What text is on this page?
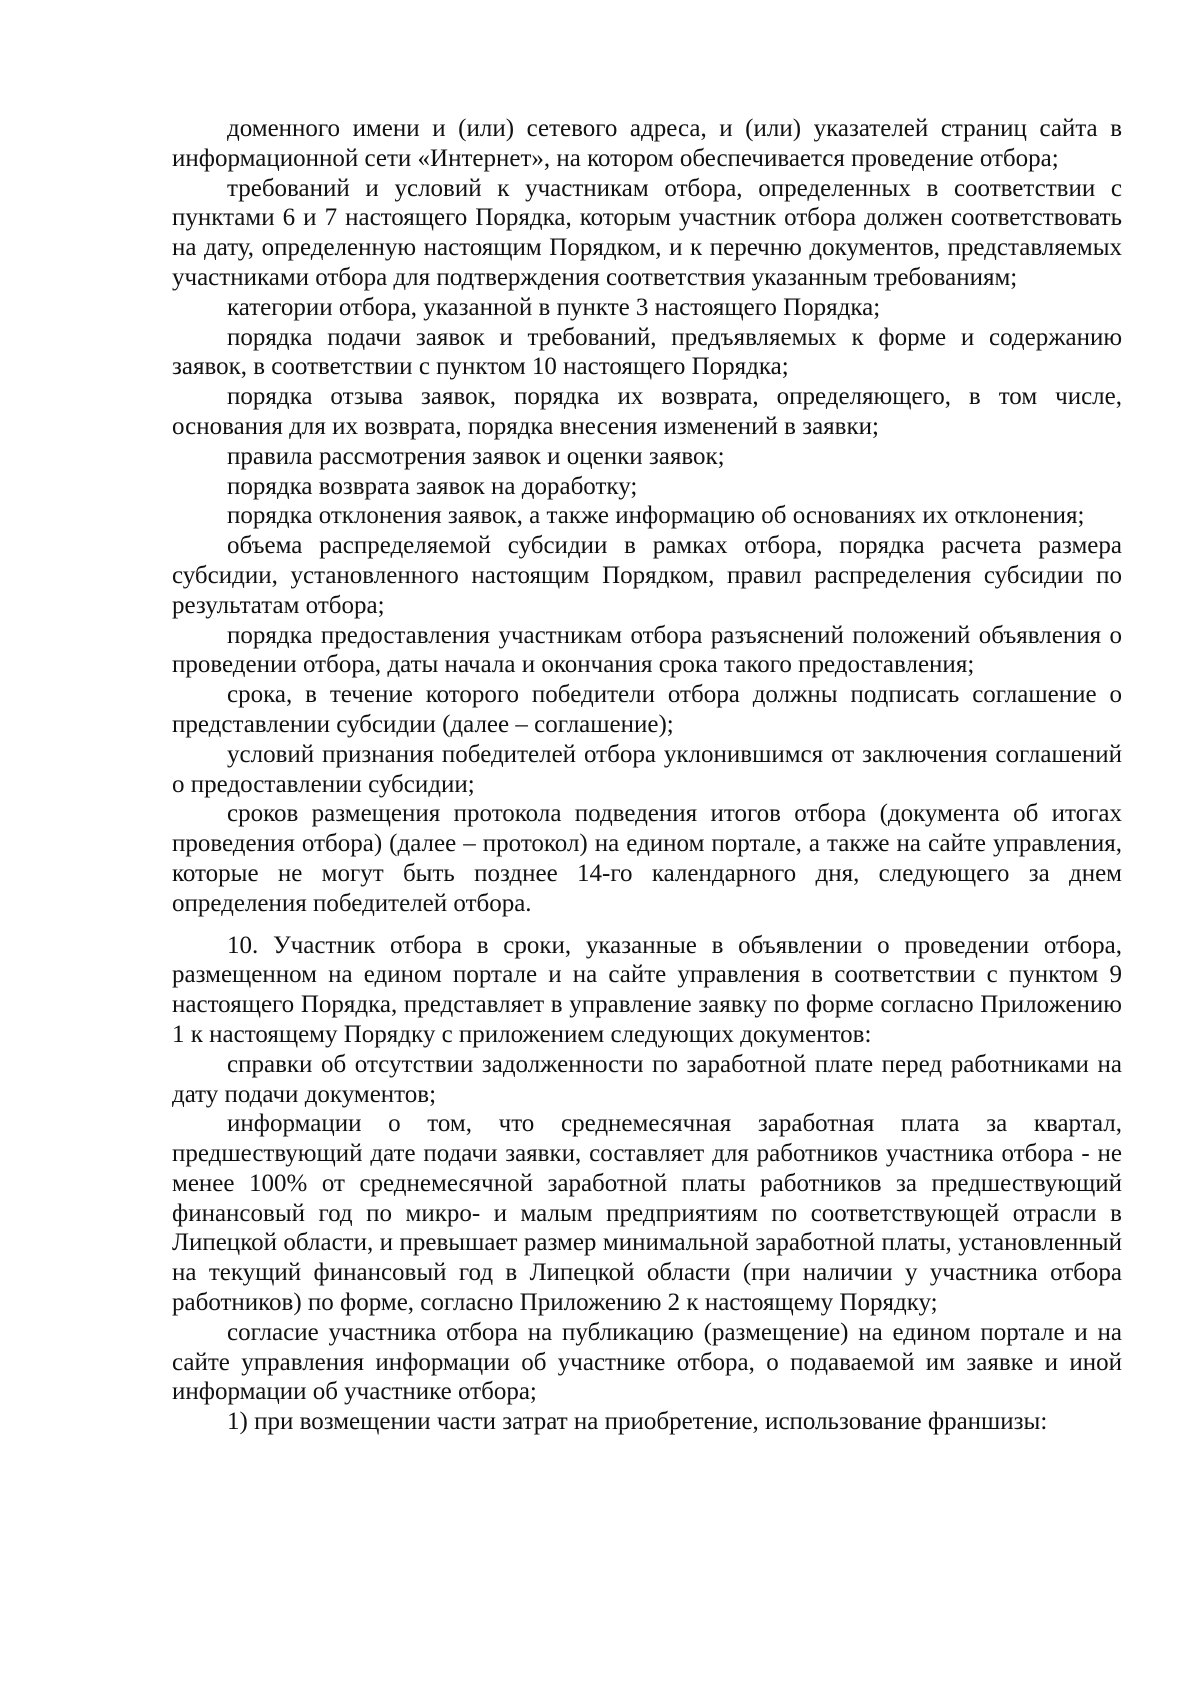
доменного имени и (или) сетевого адреса, и (или) указателей страниц сайта в информационной сети «Интернет», на котором обеспечивается проведение отбора;

требований и условий к участникам отбора, определенных в соответствии с пунктами 6 и 7 настоящего Порядка, которым участник отбора должен соответствовать на дату, определенную настоящим Порядком, и к перечню документов, представляемых участниками отбора для подтверждения соответствия указанным требованиям;

категории отбора, указанной в пункте 3 настоящего Порядка;

порядка подачи заявок и требований, предъявляемых к форме и содержанию заявок, в соответствии с пунктом 10 настоящего Порядка;

порядка отзыва заявок, порядка их возврата, определяющего, в том числе, основания для их возврата, порядка внесения изменений в заявки;

правила рассмотрения заявок и оценки заявок;

порядка возврата заявок на доработку;

порядка отклонения заявок, а также информацию об основаниях их отклонения;

объема распределяемой субсидии в рамках отбора, порядка расчета размера субсидии, установленного настоящим Порядком, правил распределения субсидии по результатам отбора;

порядка предоставления участникам отбора разъяснений положений объявления о проведении отбора, даты начала и окончания срока такого предоставления;

срока, в течение которого победители отбора должны подписать соглашение о представлении субсидии (далее – соглашение);

условий признания победителей отбора уклонившимся от заключения соглашений о предоставлении субсидии;

сроков размещения протокола подведения итогов отбора (документа об итогах проведения отбора) (далее – протокол) на едином портале, а также на сайте управления, которые не могут быть позднее 14-го календарного дня, следующего за днем определения победителей отбора.

10. Участник отбора в сроки, указанные в объявлении о проведении отбора, размещенном на едином портале и на сайте управления в соответствии с пунктом 9 настоящего Порядка, представляет в управление заявку по форме согласно Приложению 1 к настоящему Порядку с приложением следующих документов:

справки об отсутствии задолженности по заработной плате перед работниками на дату подачи документов;

информации о том, что среднемесячная заработная плата за квартал, предшествующий дате подачи заявки, составляет для работников участника отбора - не менее 100% от среднемесячной заработной платы работников за предшествующий финансовый год по микро- и малым предприятиям по соответствующей отрасли в Липецкой области, и превышает размер минимальной заработной платы, установленный на текущий финансовый год в Липецкой области (при наличии у участника отбора работников) по форме, согласно Приложению 2 к настоящему Порядку;

согласие участника отбора на публикацию (размещение) на едином портале и на сайте управления информации об участнике отбора, о подаваемой им заявке и иной информации об участнике отбора;

1) при возмещении части затрат на приобретение, использование франшизы:
